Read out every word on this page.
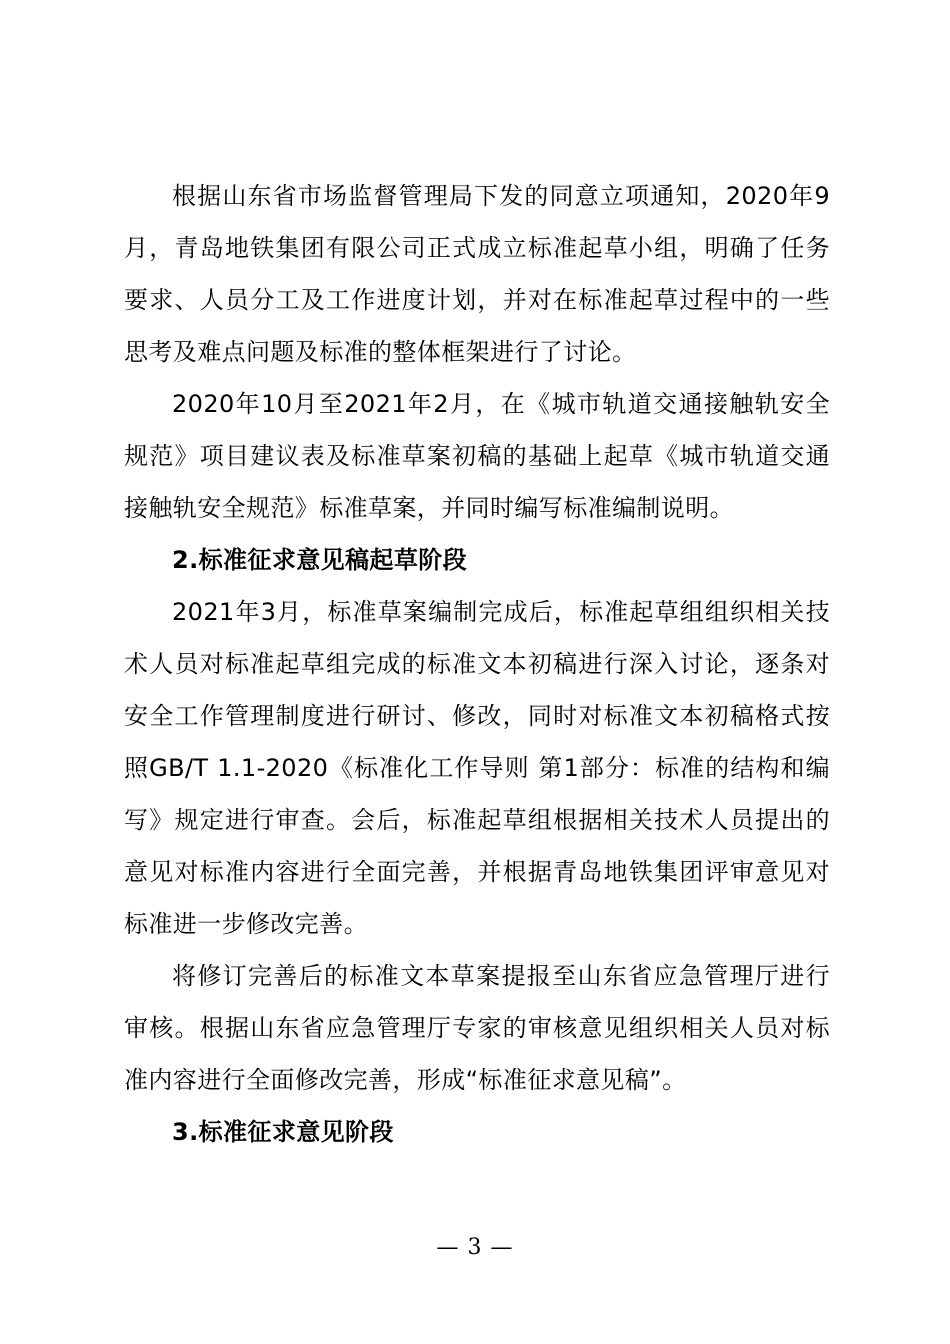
根据山东省市场监督管理局下发的同意立项通知，2020年9月，青岛地铁集团有限公司正式成立标准起草小组，明确了任务要求、人员分工及工作进度计划，并对在标准起草过程中的一些思考及难点问题及标准的整体框架进行了讨论。

2020年10月至2021年2月，在《城市轨道交通接触轨安全规范》项目建议表及标准草案初稿的基础上起草《城市轨道交通接触轨安全规范》标准草案，并同时编写标准编制说明。

2.标准征求意见稿起草阶段

2021年3月，标准草案编制完成后，标准起草组组织相关技术人员对标准起草组完成的标准文本初稿进行深入讨论，逐条对安全工作管理制度进行研讨、修改，同时对标准文本初稿格式按照GB/T 1.1-2020《标准化工作导则 第1部分：标准的结构和编写》规定进行审查。会后，标准起草组根据相关技术人员提出的意见对标准内容进行全面完善，并根据青岛地铁集团评审意见对标准进一步修改完善。

将修订完善后的标准文本草案提报至山东省应急管理厅进行审核。根据山东省应急管理厅专家的审核意见组织相关人员对标准内容进行全面修改完善，形成“标准征求意见稿”。

3.标准征求意见阶段

— 3 —
